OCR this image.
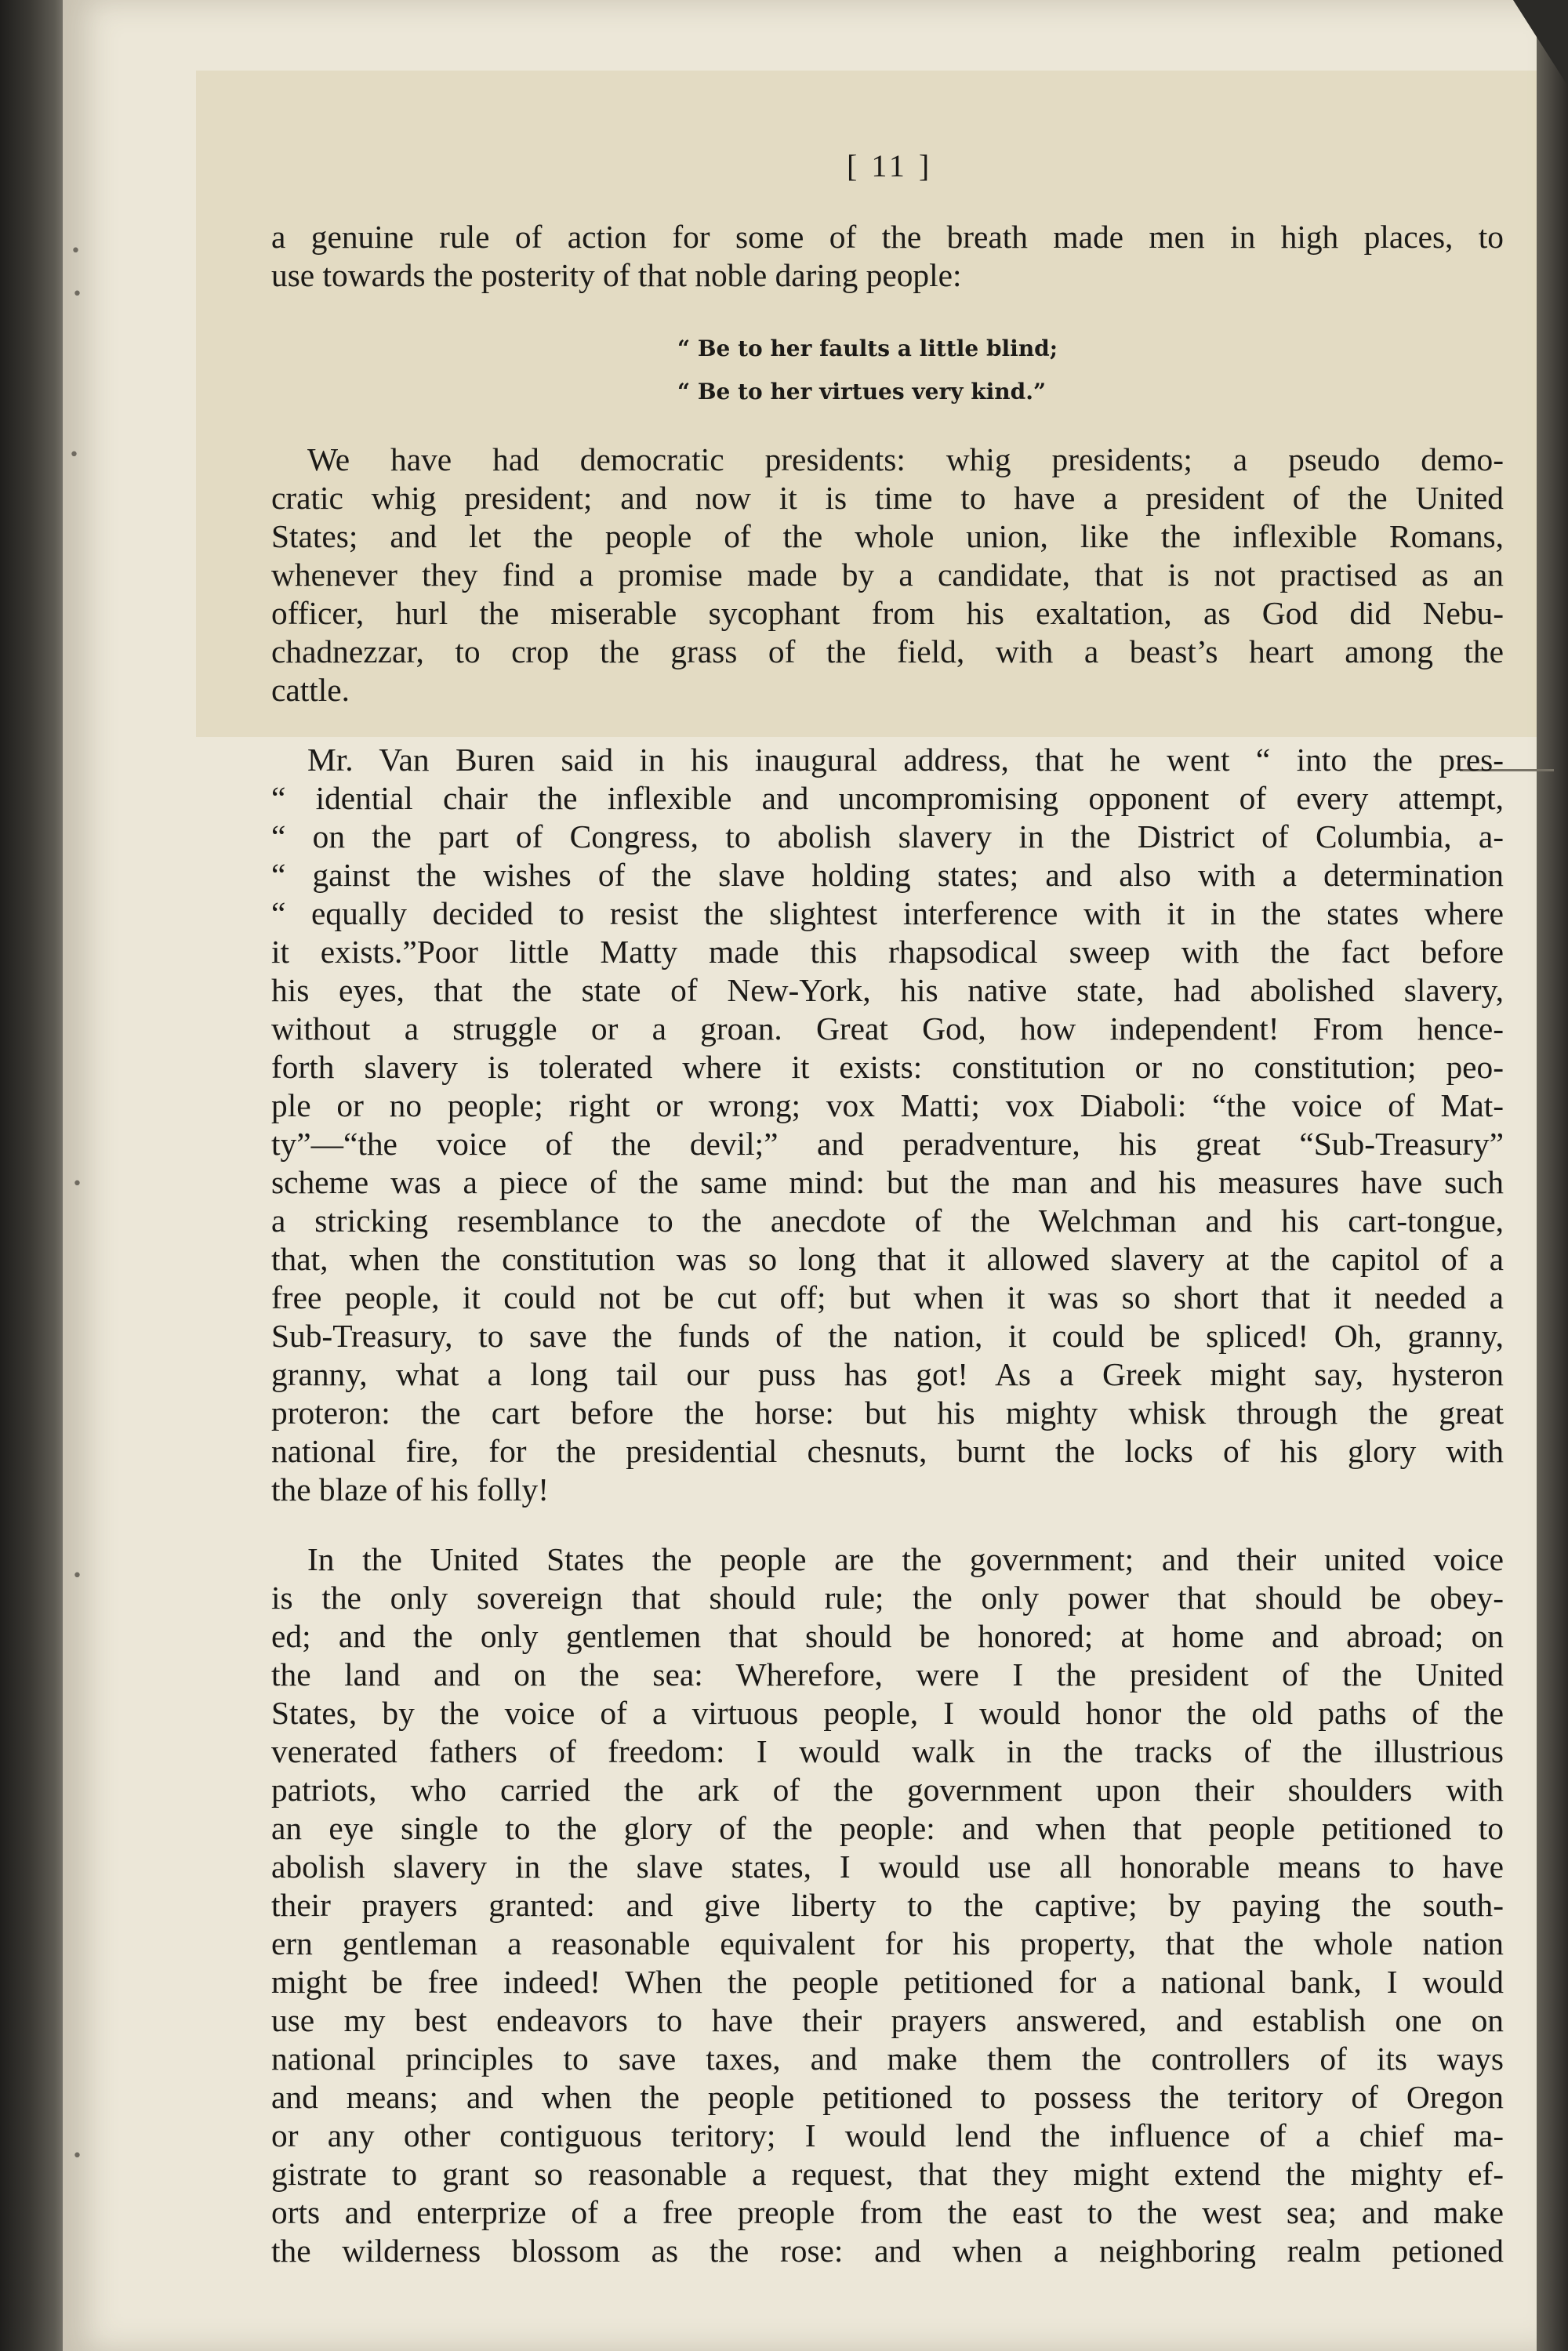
•
•
•
•
•
•
[ 11 ]

a genuine rule of action for some of the breath made men in high places, to
use towards the posterity of that noble daring people:

“ Be to her faults a little blind;
“ Be to her virtues very kind.”

We have had democratic presidents: whig presidents; a pseudo demo-
cratic whig president; and now it is time to have a president of the United
States; and let the people of the whole union, like the inflexible Romans,
whenever they find a promise made by a candidate, that is not practised as an
officer, hurl the miserable sycophant from his exaltation, as God did Nebu-
chadnezzar, to crop the grass of the field, with a beast’s heart among the
cattle.

Mr. Van Buren said in his inaugural address, that he went “ into the pres-
“ idential chair the inflexible and uncompromising opponent of every attempt,
“ on the part of Congress, to abolish slavery in the District of Columbia, a-
“ gainst the wishes of the slave holding states; and also with a determination
“ equally decided to resist the slightest interference with it in the states where
it exists.”Poor little Matty made this rhapsodical sweep with the fact before
his eyes, that the state of New-York, his native state, had abolished slavery,
without a struggle or a groan. Great God, how independent! From hence-
forth slavery is tolerated where it exists: constitution or no constitution; peo-
ple or no people; right or wrong; vox Matti; vox Diaboli: “the voice of Mat-
ty”—“the voice of the devil;” and peradventure, his great “Sub-Treasury”
scheme was a piece of the same mind: but the man and his measures have such
a stricking resemblance to the anecdote of the Welchman and his cart-tongue,
that, when the constitution was so long that it allowed slavery at the capitol of a
free people, it could not be cut off; but when it was so short that it needed a
Sub-Treasury, to save the funds of the nation, it could be spliced! Oh, granny,
granny, what a long tail our puss has got! As a Greek might say, hysteron
proteron: the cart before the horse: but his mighty whisk through the great
national fire, for the presidential chesnuts, burnt the locks of his glory with
the blaze of his folly!

In the United States the people are the government; and their united voice
is the only sovereign that should rule; the only power that should be obey-
ed; and the only gentlemen that should be honored; at home and abroad; on
the land and on the sea: Wherefore, were I the president of the United
States, by the voice of a virtuous people, I would honor the old paths of the
venerated fathers of freedom: I would walk in the tracks of the illustrious
patriots, who carried the ark of the government upon their shoulders with
an eye single to the glory of the people: and when that people petitioned to
abolish slavery in the slave states, I would use all honorable means to have
their prayers granted: and give liberty to the captive; by paying the south-
ern gentleman a reasonable equivalent for his property, that the whole nation
might be free indeed! When the people petitioned for a national bank, I would
use my best endeavors to have their prayers answered, and establish one on
national principles to save taxes, and make them the controllers of its ways
and means; and when the people petitioned to possess the teritory of Oregon
or any other contiguous teritory; I would lend the influence of a chief ma-
gistrate to grant so reasonable a request, that they might extend the mighty ef-
orts and enterprize of a free preople from the east to the west sea; and make
the wilderness blossom as the rose: and when a neighboring realm petioned
